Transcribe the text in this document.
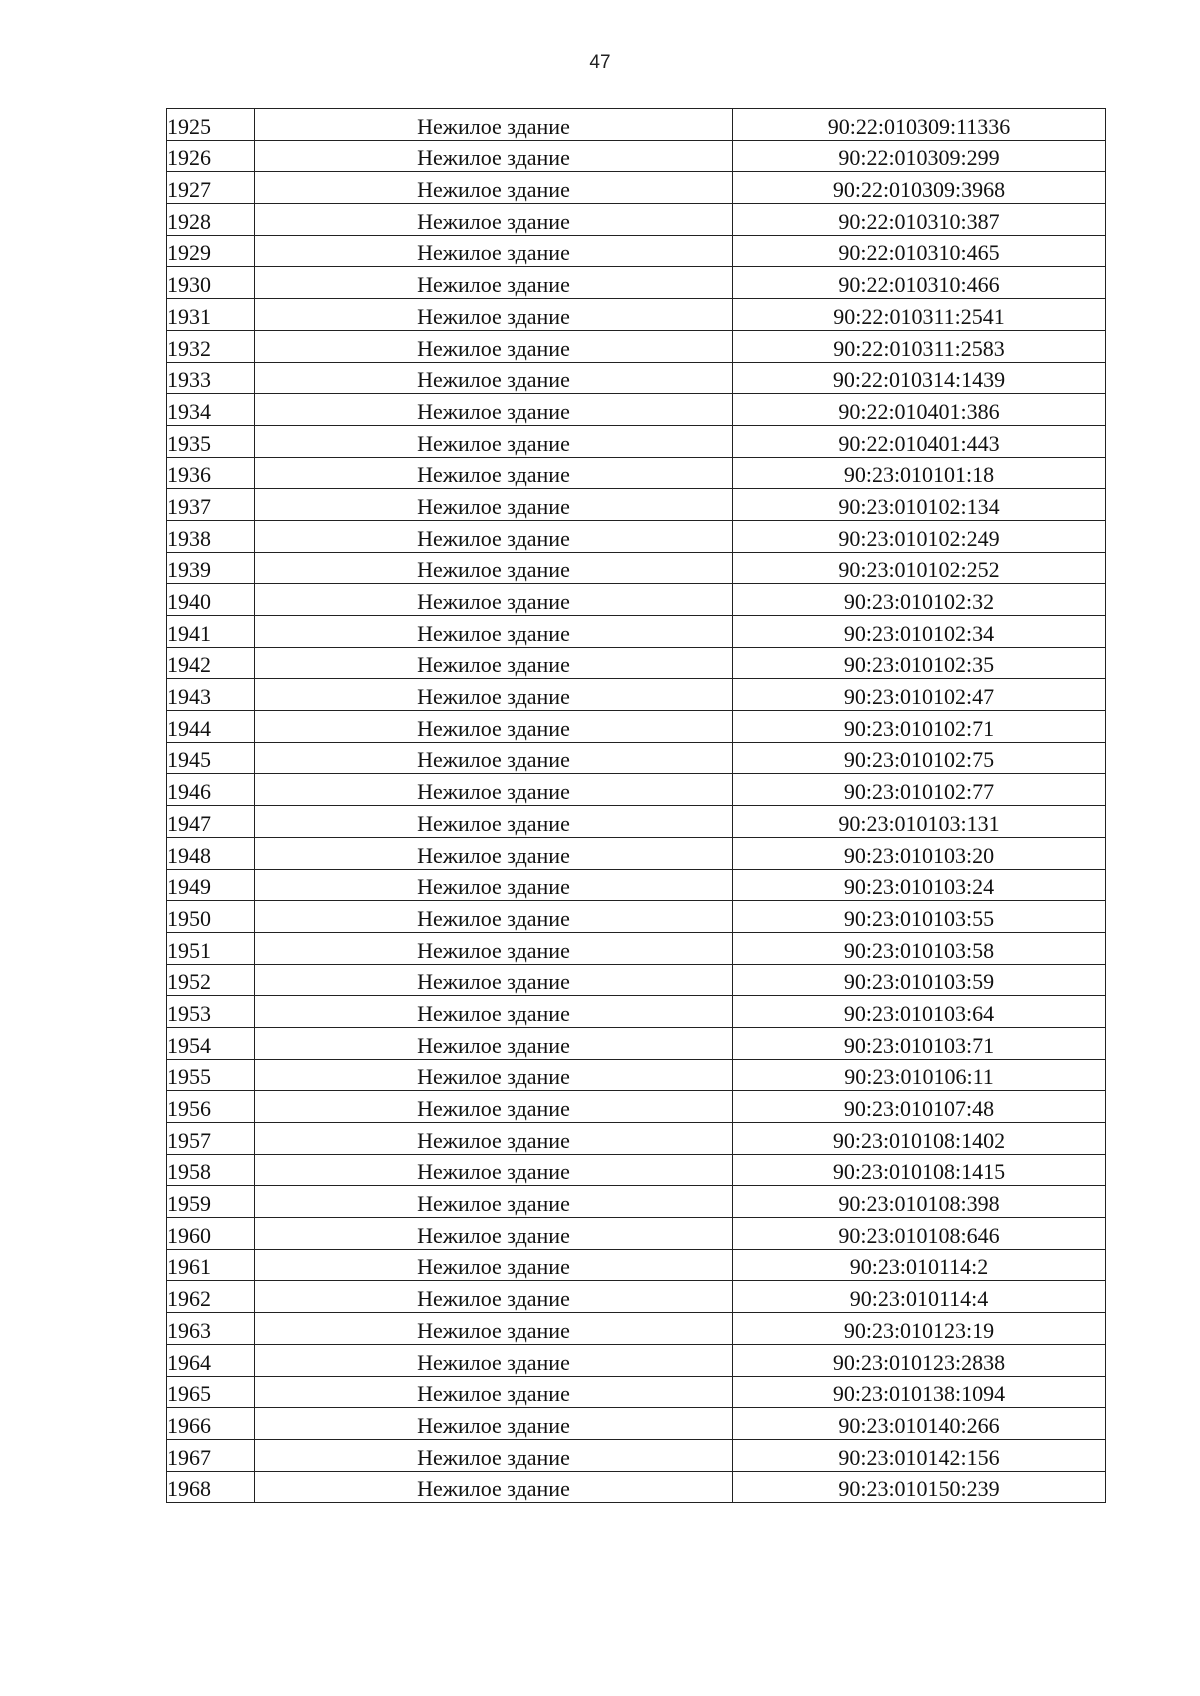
47
1925	Нежилое здание	90:22:010309:11336
1926	Нежилое здание	90:22:010309:299
1927	Нежилое здание	90:22:010309:3968
1928	Нежилое здание	90:22:010310:387
1929	Нежилое здание	90:22:010310:465
1930	Нежилое здание	90:22:010310:466
1931	Нежилое здание	90:22:010311:2541
1932	Нежилое здание	90:22:010311:2583
1933	Нежилое здание	90:22:010314:1439
1934	Нежилое здание	90:22:010401:386
1935	Нежилое здание	90:22:010401:443
1936	Нежилое здание	90:23:010101:18
1937	Нежилое здание	90:23:010102:134
1938	Нежилое здание	90:23:010102:249
1939	Нежилое здание	90:23:010102:252
1940	Нежилое здание	90:23:010102:32
1941	Нежилое здание	90:23:010102:34
1942	Нежилое здание	90:23:010102:35
1943	Нежилое здание	90:23:010102:47
1944	Нежилое здание	90:23:010102:71
1945	Нежилое здание	90:23:010102:75
1946	Нежилое здание	90:23:010102:77
1947	Нежилое здание	90:23:010103:131
1948	Нежилое здание	90:23:010103:20
1949	Нежилое здание	90:23:010103:24
1950	Нежилое здание	90:23:010103:55
1951	Нежилое здание	90:23:010103:58
1952	Нежилое здание	90:23:010103:59
1953	Нежилое здание	90:23:010103:64
1954	Нежилое здание	90:23:010103:71
1955	Нежилое здание	90:23:010106:11
1956	Нежилое здание	90:23:010107:48
1957	Нежилое здание	90:23:010108:1402
1958	Нежилое здание	90:23:010108:1415
1959	Нежилое здание	90:23:010108:398
1960	Нежилое здание	90:23:010108:646
1961	Нежилое здание	90:23:010114:2
1962	Нежилое здание	90:23:010114:4
1963	Нежилое здание	90:23:010123:19
1964	Нежилое здание	90:23:010123:2838
1965	Нежилое здание	90:23:010138:1094
1966	Нежилое здание	90:23:010140:266
1967	Нежилое здание	90:23:010142:156
1968	Нежилое здание	90:23:010150:239
